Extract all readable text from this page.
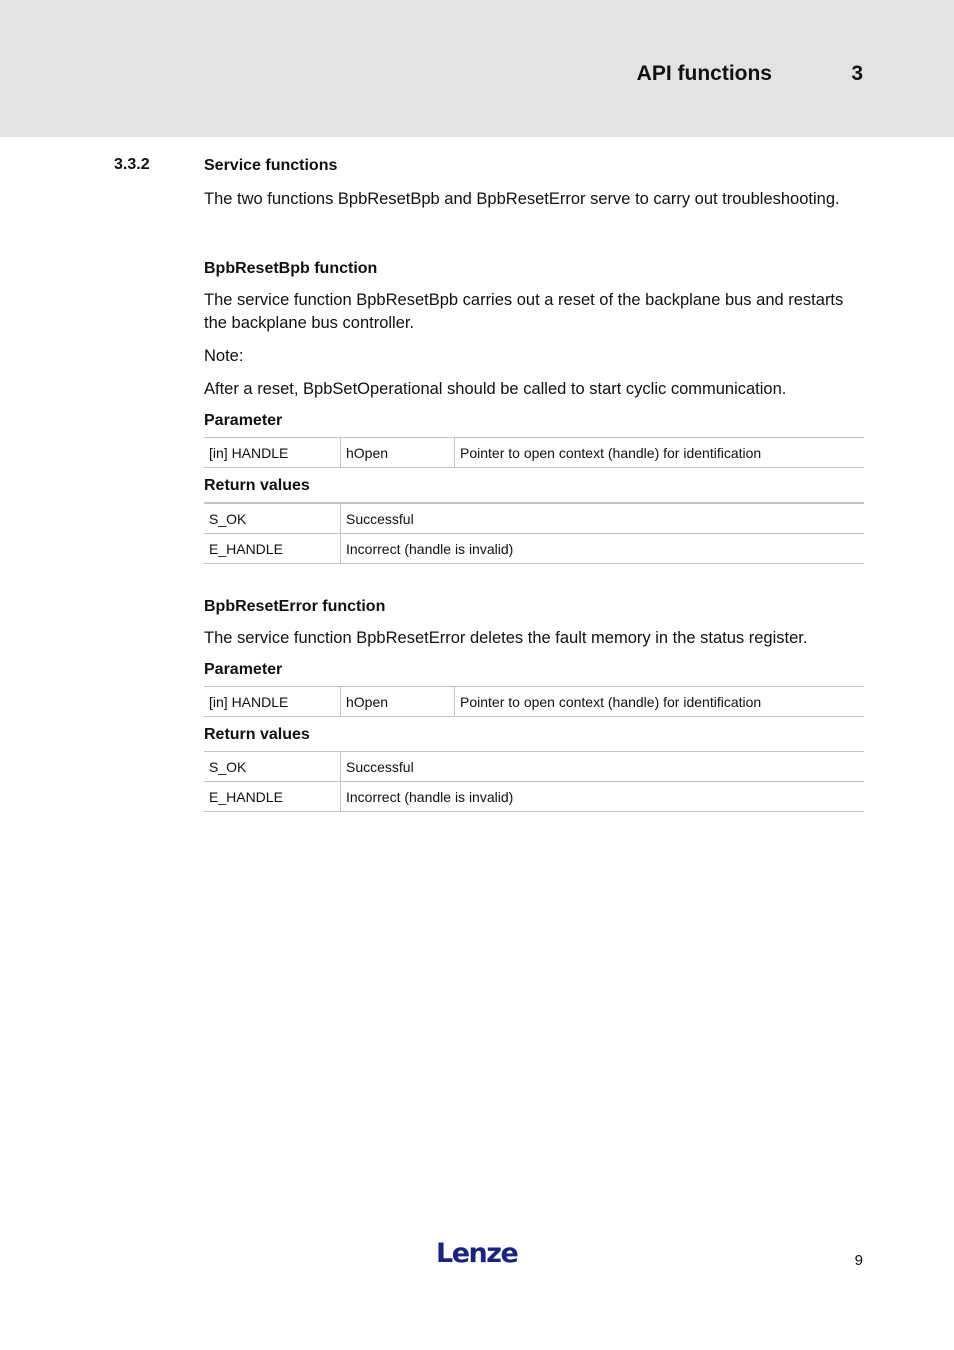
API functions	3
3.3.2	Service functions

The two functions BpbResetBpb and BpbResetError serve to carry out troubleshooting.

BpbResetBpb function

The service function BpbResetBpb carries out a reset of the backplane bus and restarts the backplane bus controller.

Note:

After a reset, BpbSetOperational should be called to start cyclic communication.

Parameter
[in] HANDLE	hOpen	Pointer to open context (handle) for identification
Return values
S_OK	Successful
E_HANDLE	Incorrect (handle is invalid)
BpbResetError function

The service function BpbResetError deletes the fault memory in the status register.

Parameter
[in] HANDLE	hOpen	Pointer to open context (handle) for identification
Return values
S_OK	Successful
E_HANDLE	Incorrect (handle is invalid)
Lenze	9
